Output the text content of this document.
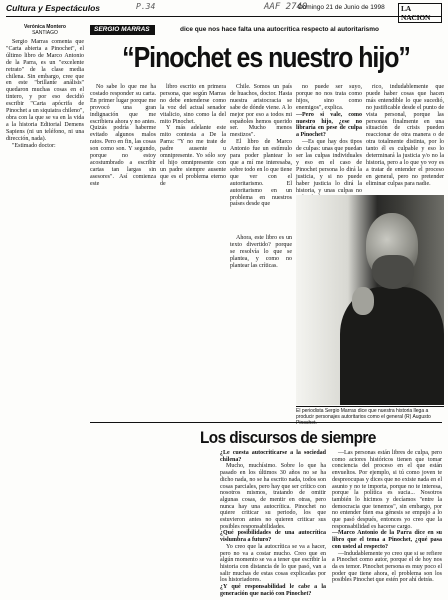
Cultura y Espectáculos	P.34	AAF 2740
Domingo 21 de Junio de 1998	LA NACION
Verónica Montero
SANTIAGO

Sergio Marras comenta que "Carta abierta a Pinochet", el último libro de Marco Antonio de la Parra, es un "excelente retrato" de la clase media chilena. Sin embargo, cree que en este "brillante análisis" quedaron muchas cosas en el tintero, y por eso decidió escribir "Carta apócrifa de Pinochet a un siquiatra chileno", obra con la que se va en la vida a la historia Editorial Demens Sapiens (ni un teléfono, ni una dirección, nada).

"Estimado doctor:

SERGIO MARRAS	dice que nos hace falta una autocrítica respecto al autoritarismo
“Pinochet es nuestro hijo”

No sabe lo que me ha costado responder su carta. En primer lugar porque me provocó una gran indignación que me escribiera ahora y no antes. Quizás podría haberme evitado algunos malos ratos. Pero en fin, las cosas son como son. Y segundo, porque no estoy acostumbrado a escribir cartas tan largas sin asesores". Así comienza este

libro escrito en primera persona, que según Marras no debe entenderse como la voz del actual senador vitalicio, sino como la del mito Pinochet.

Y más adelante este mito contesta a De la Parra: "Y no me trate de padre ausente u omnipresente. Yo sólo soy el hijo omnipresente con un padre siempre ausente que es el problema eterno de

Chile. Somos un país de huachos, doctor. Hasta nuestra aristocracia se sabe de dónde viene. A lo mejor por eso a todos mi españoles hemos querido ser. Mucho menos mestizos".

El libro de Marco Antonio fue un estímulo para poder plantear lo que a mí me interesaba, sobre todo en lo que tiene que ver con el autoritarismo. El autoritarismo en un problema en nuestros países desde que

Ahora, este libro es un texto divertido? porque se resolvía lo que se plantea, y como no plantear las críticas.

no puede ser suyo, porque no nos trata como hijos, sino como enemigos", explica.

—Pero si vale, como nuestro hijo, ¿ese no libraría en pese de culpa a Pinochet?

—Es que hay dos tipos de culpas: unas que puedan ser las culpas individuales y eso en el caso de Pinochet persona lo dirá la justicia, y si no puede haber justicia lo dirá la historia, y unas culpas no

rico, indudablemente que puede haber cosas que hacen más entendible lo que sucedió, no justificable desde el punto de vista personal, porque las personas finalmente en una situación de crisis pueden reaccionar de otra manera o de otra totalmente distinta, por lo tanto él es culpable y eso lo determinará la justicia y/o no la historia, pero a lo que yo voy es a tratar de entender el proceso en general, pero no pretender eliminar culpas para nadie.

El periodista Sergio Marras dice que nuestra historia llega a producir personajes autoritarios como el general (R) Augusto Pinochet.
Los discursos de siempre

¿Le cuesta autocriticarse a la sociedad chilena?

Mucho, muchísimo. Sobre lo que ha pasado en los últimos 30 años no se ha dicho nada, no se ha escrito nada, todos son cosas parciales, pero hay que ser crítico con nosotros mismos, tratando de omitir algunas cosas, de mentir en otras, pero nunca hay una autocrítica. Pinochet no quiere criticar su periodo, los que estuvieron antes no quieren criticar sus posibles responsabilidades.

¿Qué posibilidades de una autocrítica vislumbra a futuro?

Yo creo que la autocrítica se va a hacer, pero no va a costar mucho. Creo que en algún momento se va a tener que escribir la historia con distancia de lo que pasó, van a salir muchas de estas cosas explicadas por los historiadores.

¿Y qué responsabilidad le cabe a la generación que nació con Pinochet?

—Las personas están libres de culpa, pero como actores históricos tienen que tomar conciencia del proceso en el que están envueltos. Por ejemplo, si tú como joven te despreocupas y dices que no existe nada en el asunto y no te importa, porque no te interesa, porque la política es sucia... Nosotros también lo hicimos y decíamos "entre la democracia que tenemos", sin embargo, por no entender bien esa génesis se empujó a lo que pasó después, entonces yo creo que la responsabilidad es hacerse cargo.

—Marco Antonio de la Parra dice en su libro que el tema a Pinochet, ¿qué pasa con usted al respecto?

—Indudablemente yo creo que si se refiere a Pinochet como autor, porque el de hoy nos da es temor. Pinochet persona es muy poco el poder que tiene ahora, el problema son los posibles Pinochet que estén por ahí detrás.
